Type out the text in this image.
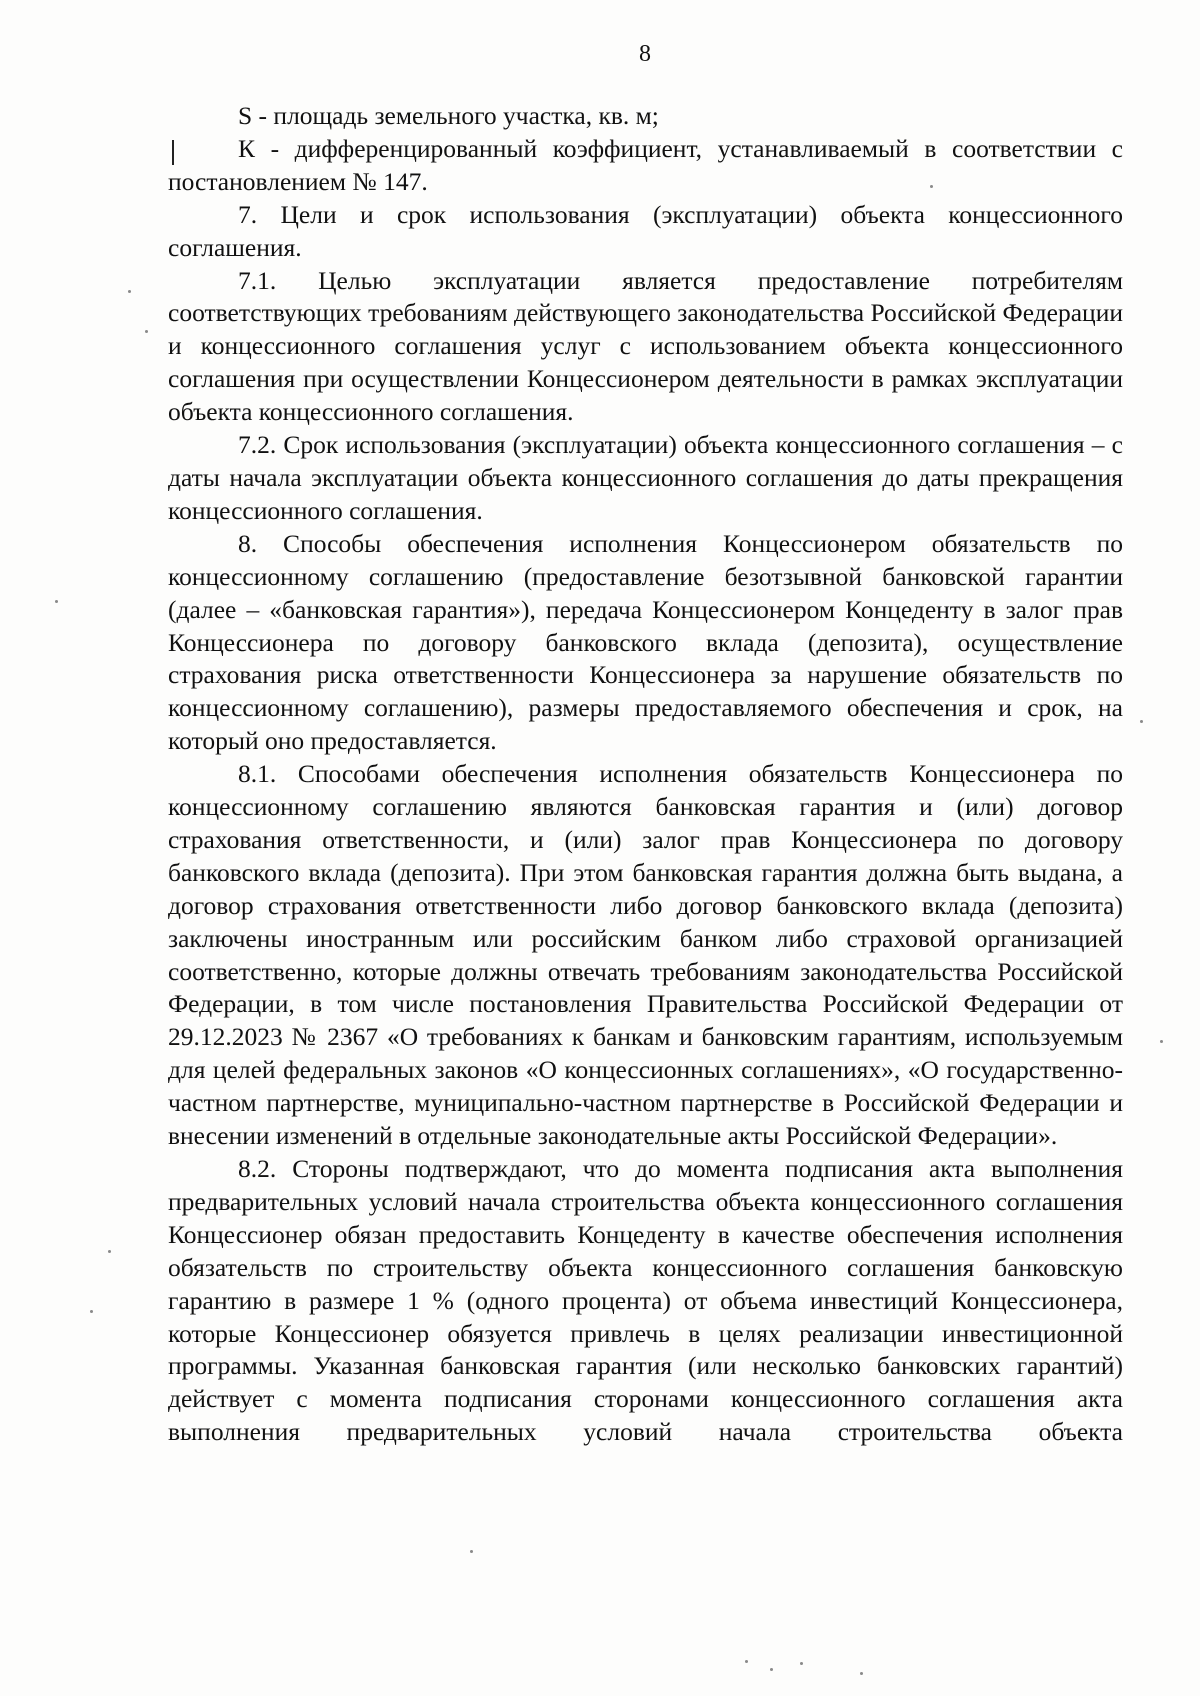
8

S - площадь земельного участка, кв. м;

К - дифференцированный коэффициент, устанавливаемый в соответствии с постановлением № 147.

7. Цели и срок использования (эксплуатации) объекта концессионного соглашения.

7.1. Целью эксплуатации является предоставление потребителям соответствующих требованиям действующего законодательства Российской Федерации и концессионного соглашения услуг с использованием объекта концессионного соглашения при осуществлении Концессионером деятельности в рамках эксплуатации объекта концессионного соглашения.

7.2. Срок использования (эксплуатации) объекта концессионного соглашения – с даты начала эксплуатации объекта концессионного соглашения до даты прекращения концессионного соглашения.

8. Способы обеспечения исполнения Концессионером обязательств по концессионному соглашению (предоставление безотзывной банковской гарантии (далее – «банковская гарантия»), передача Концессионером Концеденту в залог прав Концессионера по договору банковского вклада (депозита), осуществление страхования риска ответственности Концессионера за нарушение обязательств по концессионному соглашению), размеры предоставляемого обеспечения и срок, на который оно предоставляется.

8.1. Способами обеспечения исполнения обязательств Концессионера по концессионному соглашению являются банковская гарантия и (или) договор страхования ответственности, и (или) залог прав Концессионера по договору банковского вклада (депозита). При этом банковская гарантия должна быть выдана, а договор страхования ответственности либо договор банковского вклада (депозита) заключены иностранным или российским банком либо страховой организацией соответственно, которые должны отвечать требованиям законодательства Российской Федерации, в том числе постановления Правительства Российской Федерации от 29.12.2023 № 2367 «О требованиях к банкам и банковским гарантиям, используемым для целей федеральных законов «О концессионных соглашениях», «О государственно-частном партнерстве, муниципально-частном партнерстве в Российской Федерации и внесении изменений в отдельные законодательные акты Российской Федерации».

8.2. Стороны подтверждают, что до момента подписания акта выполнения предварительных условий начала строительства объекта концессионного соглашения Концессионер обязан предоставить Концеденту в качестве обеспечения исполнения обязательств по строительству объекта концессионного соглашения банковскую гарантию в размере 1 % (одного процента) от объема инвестиций Концессионера, которые Концессионер обязуется привлечь в целях реализации инвестиционной программы. Указанная банковская гарантия (или несколько банковских гарантий) действует с момента подписания сторонами концессионного соглашения акта выполнения предварительных условий начала строительства объекта
